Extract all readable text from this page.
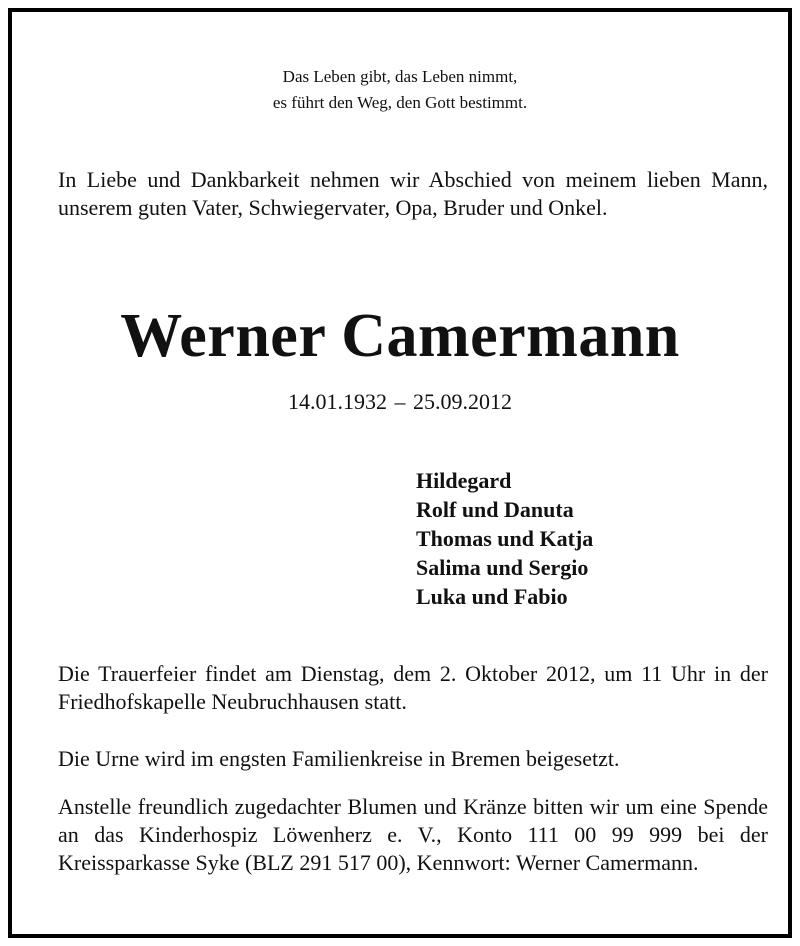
Das Leben gibt, das Leben nimmt,
es führt den Weg, den Gott bestimmt.
In Liebe und Dankbarkeit nehmen wir Abschied von meinem lieben Mann, unserem guten Vater, Schwiegervater, Opa, Bruder und Onkel.
Werner Camermann
14.01.1932 – 25.09.2012
Hildegard
Rolf und Danuta
Thomas und Katja
Salima und Sergio
Luka und Fabio
Die Trauerfeier findet am Dienstag, dem 2. Oktober 2012, um 11 Uhr in der Friedhofskapelle Neubruchhausen statt.
Die Urne wird im engsten Familienkreise in Bremen beigesetzt.
Anstelle freundlich zugedachter Blumen und Kränze bitten wir um eine Spende an das Kinderhospiz Löwenherz e. V., Konto 111 00 99 999 bei der Kreissparkasse Syke (BLZ 291 517 00), Kennwort: Werner Camermann.
